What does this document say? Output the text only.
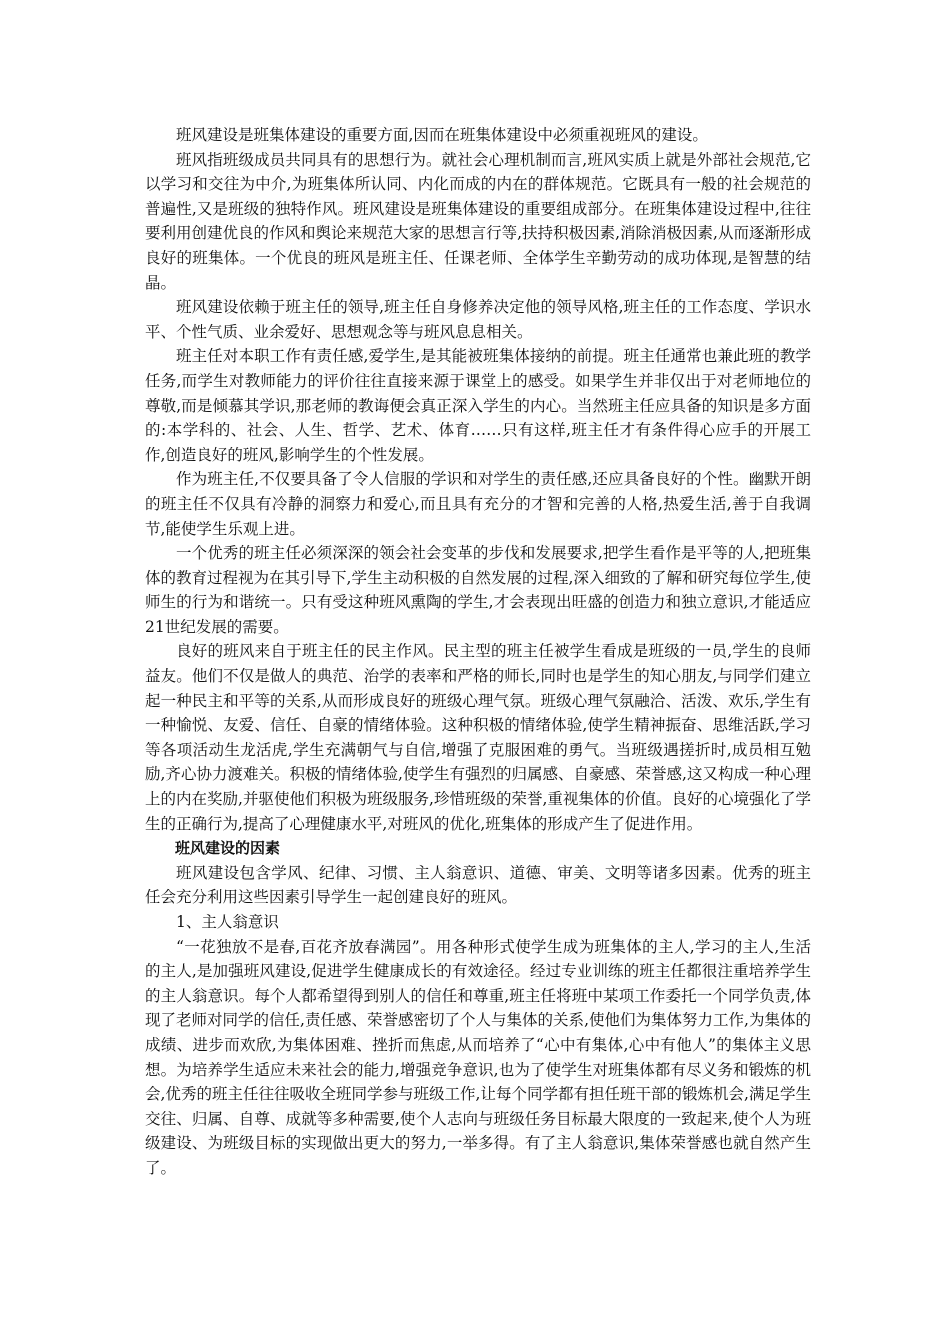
班风建设是班集体建设的重要方面,因而在班集体建设中必须重视班风的建设。

班风指班级成员共同具有的思想行为。就社会心理机制而言,班风实质上就是外部社会规范,它以学习和交往为中介,为班集体所认同、内化而成的内在的群体规范。它既具有一般的社会规范的普遍性,又是班级的独特作风。班风建设是班集体建设的重要组成部分。在班集体建设过程中,往往要利用创建优良的作风和舆论来规范大家的思想言行等,扶持积极因素,消除消极因素,从而逐渐形成良好的班集体。一个优良的班风是班主任、任课老师、全体学生辛勤劳动的成功体现,是智慧的结晶。

班风建设依赖于班主任的领导,班主任自身修养决定他的领导风格,班主任的工作态度、学识水平、个性气质、业余爱好、思想观念等与班风息息相关。

班主任对本职工作有责任感,爱学生,是其能被班集体接纳的前提。班主任通常也兼此班的教学任务,而学生对教师能力的评价往往直接来源于课堂上的感受。如果学生并非仅出于对老师地位的尊敬,而是倾慕其学识,那老师的教诲便会真正深入学生的内心。当然班主任应具备的知识是多方面的:本学科的、社会、人生、哲学、艺术、体育……只有这样,班主任才有条件得心应手的开展工作,创造良好的班风,影响学生的个性发展。

作为班主任,不仅要具备了令人信服的学识和对学生的责任感,还应具备良好的个性。幽默开朗的班主任不仅具有冷静的洞察力和爱心,而且具有充分的才智和完善的人格,热爱生活,善于自我调节,能使学生乐观上进。

一个优秀的班主任必须深深的领会社会变革的步伐和发展要求,把学生看作是平等的人,把班集体的教育过程视为在其引导下,学生主动积极的自然发展的过程,深入细致的了解和研究每位学生,使师生的行为和谐统一。只有受这种班风熏陶的学生,才会表现出旺盛的创造力和独立意识,才能适应21世纪发展的需要。

良好的班风来自于班主任的民主作风。民主型的班主任被学生看成是班级的一员,学生的良师益友。他们不仅是做人的典范、治学的表率和严格的师长,同时也是学生的知心朋友,与同学们建立起一种民主和平等的关系,从而形成良好的班级心理气氛。班级心理气氛融洽、活泼、欢乐,学生有一种愉悦、友爱、信任、自豪的情绪体验。这种积极的情绪体验,使学生精神振奋、思维活跃,学习等各项活动生龙活虎,学生充满朝气与自信,增强了克服困难的勇气。当班级遇搓折时,成员相互勉励,齐心协力渡难关。积极的情绪体验,使学生有强烈的归属感、自豪感、荣誉感,这又构成一种心理上的内在奖励,并驱使他们积极为班级服务,珍惜班级的荣誉,重视集体的价值。良好的心境强化了学生的正确行为,提高了心理健康水平,对班风的优化,班集体的形成产生了促进作用。

班风建设的因素

班风建设包含学风、纪律、习惯、主人翁意识、道德、审美、文明等诸多因素。优秀的班主任会充分利用这些因素引导学生一起创建良好的班风。

1、主人翁意识

“一花独放不是春,百花齐放春满园”。用各种形式使学生成为班集体的主人,学习的主人,生活的主人,是加强班风建设,促进学生健康成长的有效途径。经过专业训练的班主任都很注重培养学生的主人翁意识。每个人都希望得到别人的信任和尊重,班主任将班中某项工作委托一个同学负责,体现了老师对同学的信任,责任感、荣誉感密切了个人与集体的关系,使他们为集体努力工作,为集体的成绩、进步而欢欣,为集体困难、挫折而焦虑,从而培养了“心中有集体,心中有他人”的集体主义思想。为培养学生适应未来社会的能力,增强竞争意识,也为了使学生对班集体都有尽义务和锻炼的机会,优秀的班主任往往吸收全班同学参与班级工作,让每个同学都有担任班干部的锻炼机会,满足学生交往、归属、自尊、成就等多种需要,使个人志向与班级任务目标最大限度的一致起来,使个人为班级建设、为班级目标的实现做出更大的努力,一举多得。有了主人翁意识,集体荣誉感也就自然产生了。
